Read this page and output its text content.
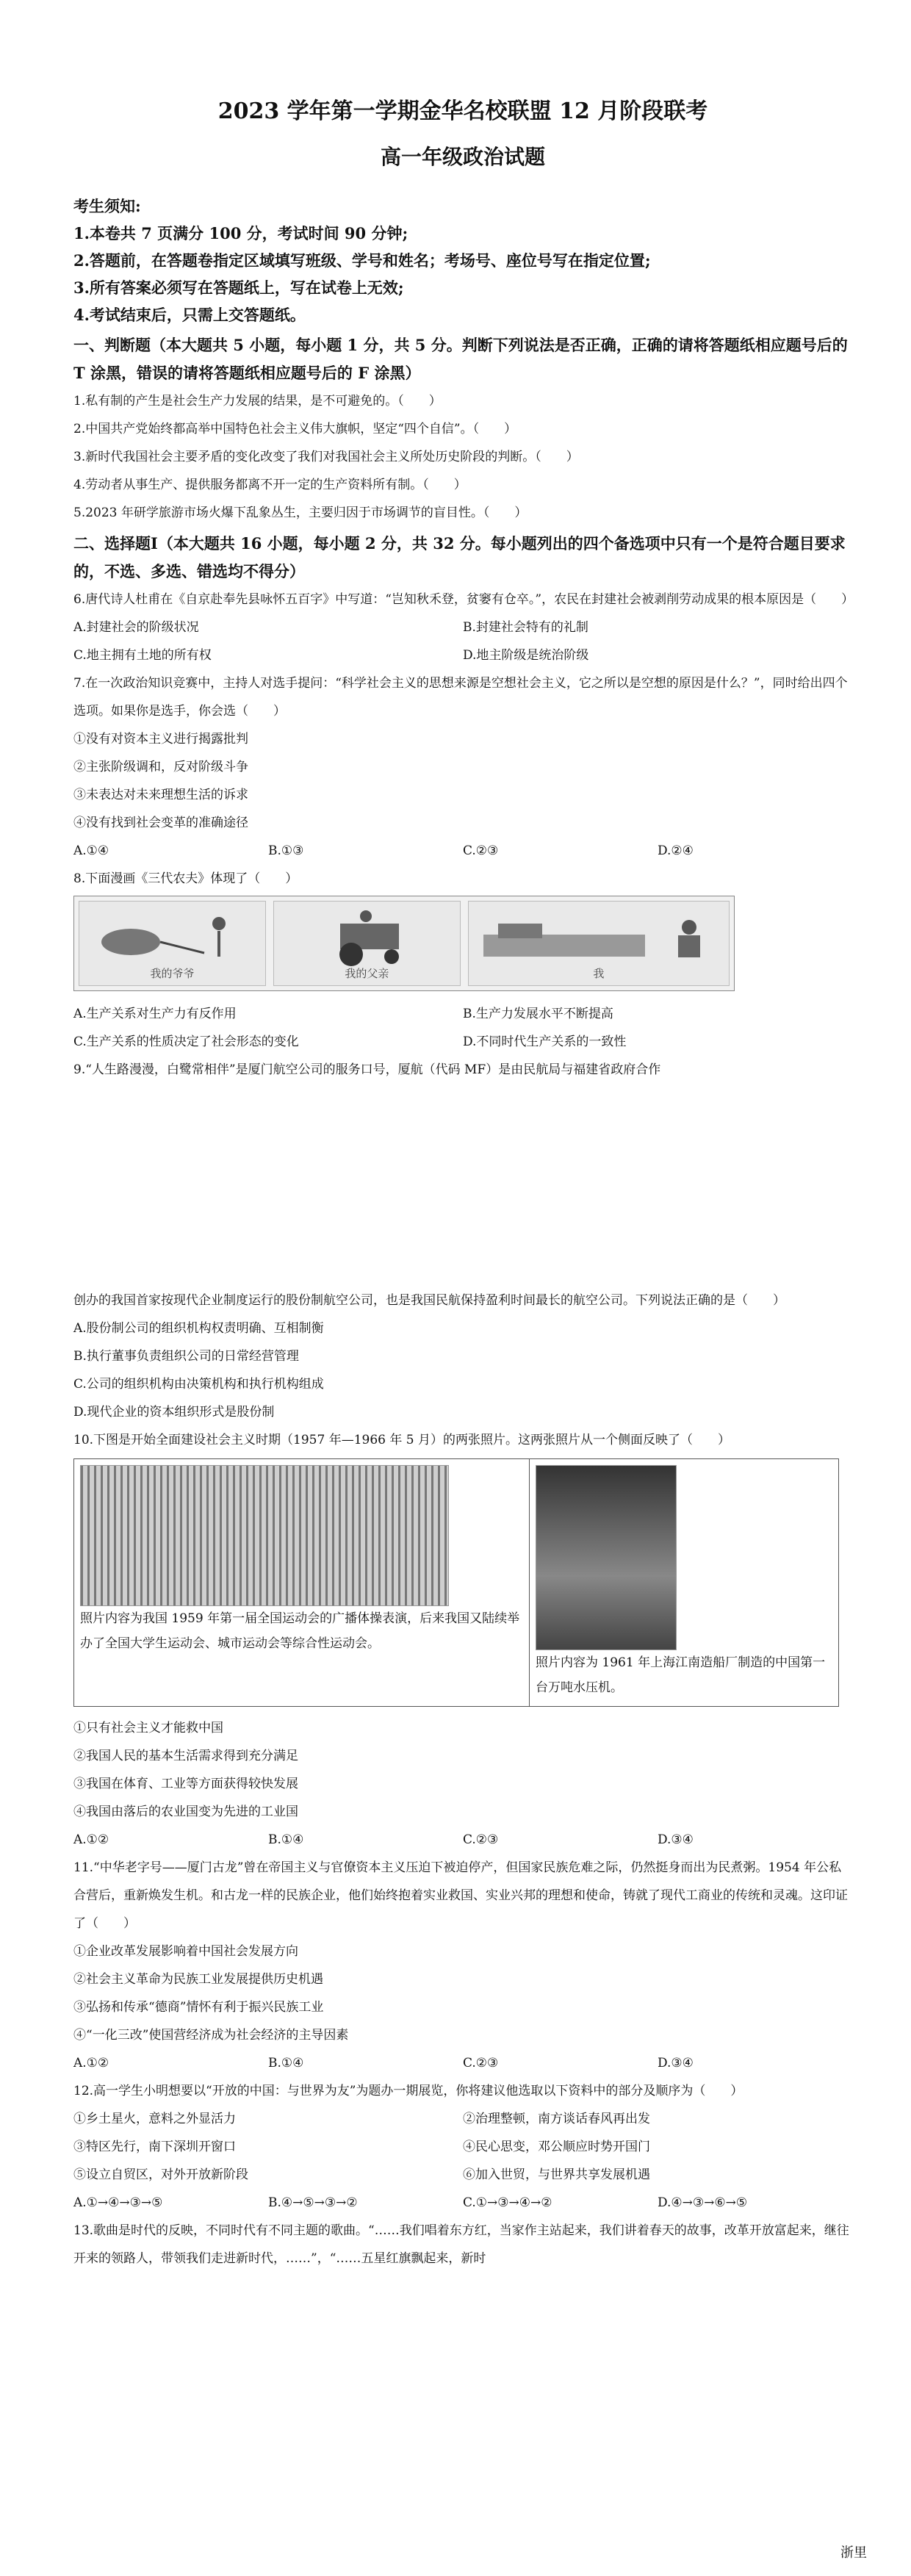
2023 学年第一学期金华名校联盟 12 月阶段联考
高一年级政治试题
考生须知:
1.本卷共 7 页满分 100 分，考试时间 90 分钟;
2.答题前，在答题卷指定区域填写班级、学号和姓名；考场号、座位号写在指定位置;
3.所有答案必须写在答题纸上，写在试卷上无效;
4.考试结束后，只需上交答题纸。
一、判断题（本大题共 5 小题，每小题 1 分，共 5 分。判断下列说法是否正确，正确的请将答题纸相应题号后的 T 涂黑，错误的请将答题纸相应题号后的 F 涂黑）
1.私有制的产生是社会生产力发展的结果，是不可避免的。（　　）
2.中国共产党始终都高举中国特色社会主义伟大旗帜，坚定“四个自信”。（　　）
3.新时代我国社会主要矛盾的变化改变了我们对我国社会主义所处历史阶段的判断。（　　）
4.劳动者从事生产、提供服务都离不开一定的生产资料所有制。（　　）
5.2023 年研学旅游市场火爆下乱象丛生，主要归因于市场调节的盲目性。（　　）
二、选择题Ⅰ（本大题共 16 小题，每小题 2 分，共 32 分。每小题列出的四个备选项中只有一个是符合题目要求的，不选、多选、错选均不得分）
6.唐代诗人杜甫在《自京赴奉先县咏怀五百字》中写道：“岂知秋禾登，贫窭有仓卒。”，农民在封建社会被剥削劳动成果的根本原因是（　　）
A.封建社会的阶级状况	B.封建社会特有的礼制
C.地主拥有土地的所有权	D.地主阶级是统治阶级
7.在一次政治知识竞赛中，主持人对选手提问：“科学社会主义的思想来源是空想社会主义，它之所以是空想的原因是什么？”，同时给出四个选项。如果你是选手，你会选（　　）
①没有对资本主义进行揭露批判
②主张阶级调和，反对阶级斗争
③未表达对未来理想生活的诉求
④没有找到社会变革的准确途径
A.①④	B.①③	C.②③	D.②④
8.下面漫画《三代农夫》体现了（　　）
我的爷爷	我的父亲	我
A.生产关系对生产力有反作用	B.生产力发展水平不断提高
C.生产关系的性质决定了社会形态的变化	D.不同时代生产关系的一致性
9.“人生路漫漫，白鹭常相伴”是厦门航空公司的服务口号，厦航（代码 MF）是由民航局与福建省政府合作
创办的我国首家按现代企业制度运行的股份制航空公司，也是我国民航保持盈利时间最长的航空公司。下列说法正确的是（　　）
A.股份制公司的组织机构权责明确、互相制衡
B.执行董事负责组织公司的日常经营管理
C.公司的组织机构由决策机构和执行机构组成
D.现代企业的资本组织形式是股份制
10.下图是开始全面建设社会主义时期（1957 年—1966 年 5 月）的两张照片。这两张照片从一个侧面反映了（　　）
照片内容为我国 1959 年第一届全国运动会的广播体操表演，后来我国又陆续举办了全国大学生运动会、城市运动会等综合性运动会。
照片内容为 1961 年上海江南造船厂制造的中国第一台万吨水压机。
①只有社会主义才能救中国
②我国人民的基本生活需求得到充分满足
③我国在体育、工业等方面获得较快发展
④我国由落后的农业国变为先进的工业国
A.①②	B.①④	C.②③	D.③④
11.“中华老字号——厦门古龙”曾在帝国主义与官僚资本主义压迫下被迫停产，但国家民族危难之际，仍然挺身而出为民煮粥。1954 年公私合营后，重新焕发生机。和古龙一样的民族企业，他们始终抱着实业救国、实业兴邦的理想和使命，铸就了现代工商业的传统和灵魂。这印证了（　　）
①企业改革发展影响着中国社会发展方向
②社会主义革命为民族工业发展提供历史机遇
③弘扬和传承“德商”情怀有利于振兴民族工业
④“一化三改”使国营经济成为社会经济的主导因素
A.①②	B.①④	C.②③	D.③④
12.高一学生小明想要以“开放的中国：与世界为友”为题办一期展览，你将建议他选取以下资料中的部分及顺序为（　　）
①乡土星火，意料之外显活力	②治理整顿，南方谈话春风再出发
③特区先行，南下深圳开窗口	④民心思变，邓公顺应时势开国门
⑤设立自贸区，对外开放新阶段	⑥加入世贸，与世界共享发展机遇
A.①→④→③→⑤	B.④→⑤→③→②	C.①→③→④→②	D.④→③→⑥→⑤
13.歌曲是时代的反映，不同时代有不同主题的歌曲。“……我们唱着东方红，当家作主站起来，我们讲着春天的故事，改革开放富起来，继往开来的领路人，带领我们走进新时代，……”，“……五星红旗飘起来，新时
浙里
